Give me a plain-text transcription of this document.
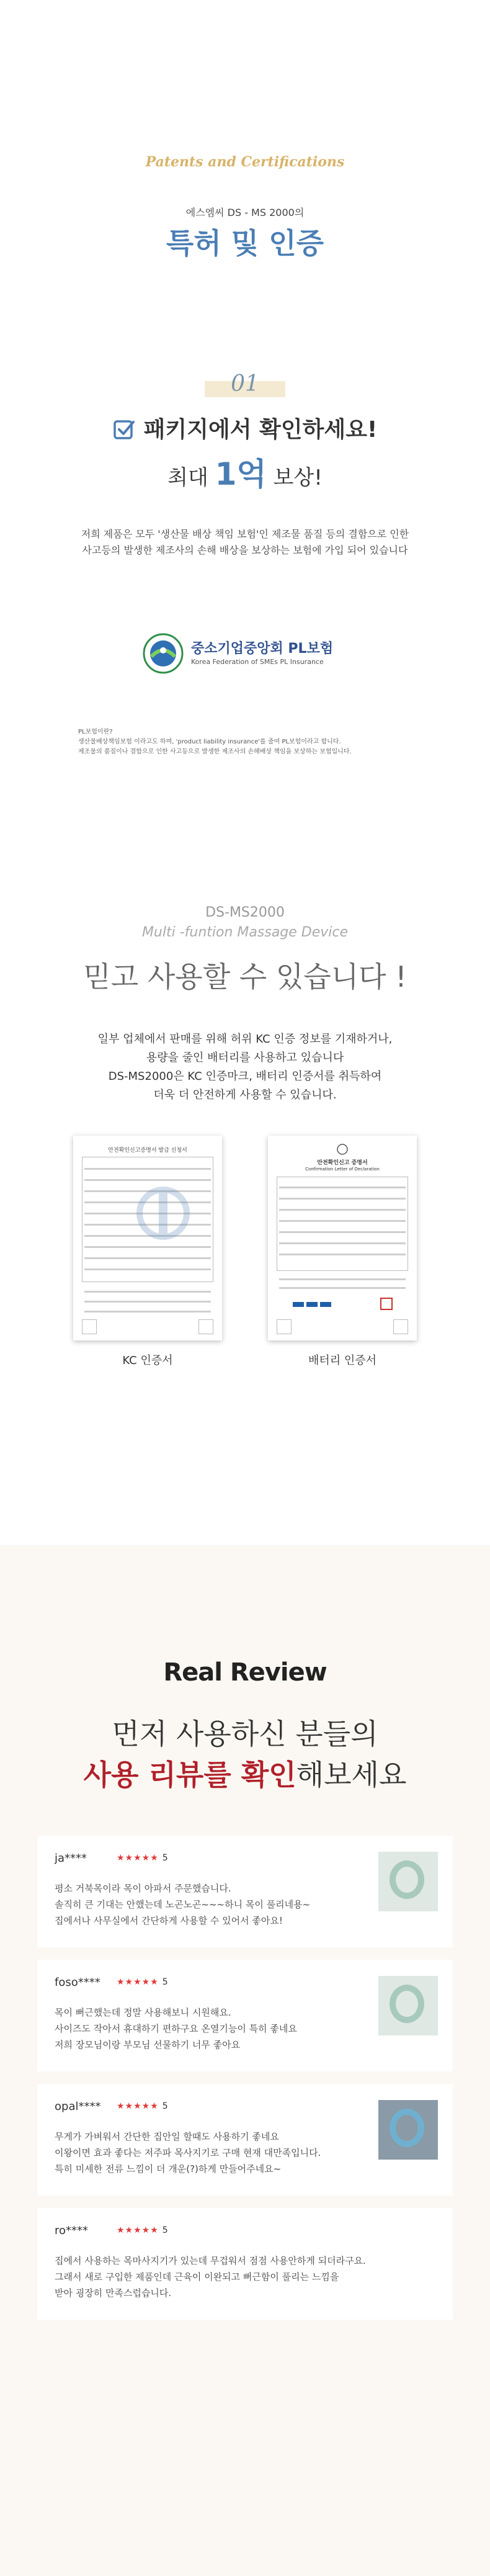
Patents and Certifications
에스엠씨 DS - MS 2000의
특허 및 인증
01
패키지에서 확인하세요!
최대 1억 보상!
저희 제품은 모두 '생산물 배상 책임 보험'인 제조물 품질 등의 결함으로 인한
사고등의 발생한 제조사의 손해 배상을 보상하는 보험에 가입 되어 있습니다
중소기업중앙회 PL보험
Korea Federation of SMEs PL Insurance
PL보험이란?
생산물배상책임보험 이라고도 하며, 'product liability insurance'를 줄여 PL보험이라고 합니다.
제조물의 품질이나 결함으로 인한 사고등으로 발생한 제조사의 손해배상 책임을 보상하는 보험입니다.
DS-MS2000
Multi -funtion Massage Device
믿고 사용할 수 있습니다 !
일부 업체에서 판매를 위해 허위 KC 인증 정보를 기재하거나,
용량을 줄인 배터리를 사용하고 있습니다
DS-MS2000은 KC 인증마크, 배터리 인증서를 취득하여
더욱 더 안전하게 사용할 수 있습니다.
안전확인신고증명서 발급 신청서
KC 인증서
안전확인신고 증명서
Confirmation Letter of Declaration
배터리 인증서
Real Review
먼저 사용하신 분들의
사용 리뷰를 확인해보세요
ja****	★★★★★ 5
평소 거북목이라 목이 아파서 주문했습니다.
솔직히 큰 기대는 안했는데 노곤노곤~~~하니 목이 풀리네용~
집에서나 사무실에서 간단하게 사용할 수 있어서 좋아요!
foso**** ★★★★★ 5
목이 뻐근했는데 정말 사용해보니 시원해요.
사이즈도 작아서 휴대하기 편하구요 온열기능이 특히 좋네요
저희 장모님이랑 부모님 선물하기 너무 좋아요
opal**** ★★★★★ 5
무게가 가벼워서 간단한 집안일 할때도 사용하기 좋네요
이왕이면 효과 좋다는 저주파 목사지기로 구매 현재 대만족입니다.
특히 미세한 전류 느낌이 더 개운(?)하게 만들어주네요~
ro****	★★★★★ 5
집에서 사용하는 목마사지기가 있는데 무겁워서 점점 사용안하게 되더라구요.
그래서 새로 구입한 제품인데 근육이 이완되고 뻐근함이 풀리는 느낌을
받아 굉장히 만족스럽습니다.
